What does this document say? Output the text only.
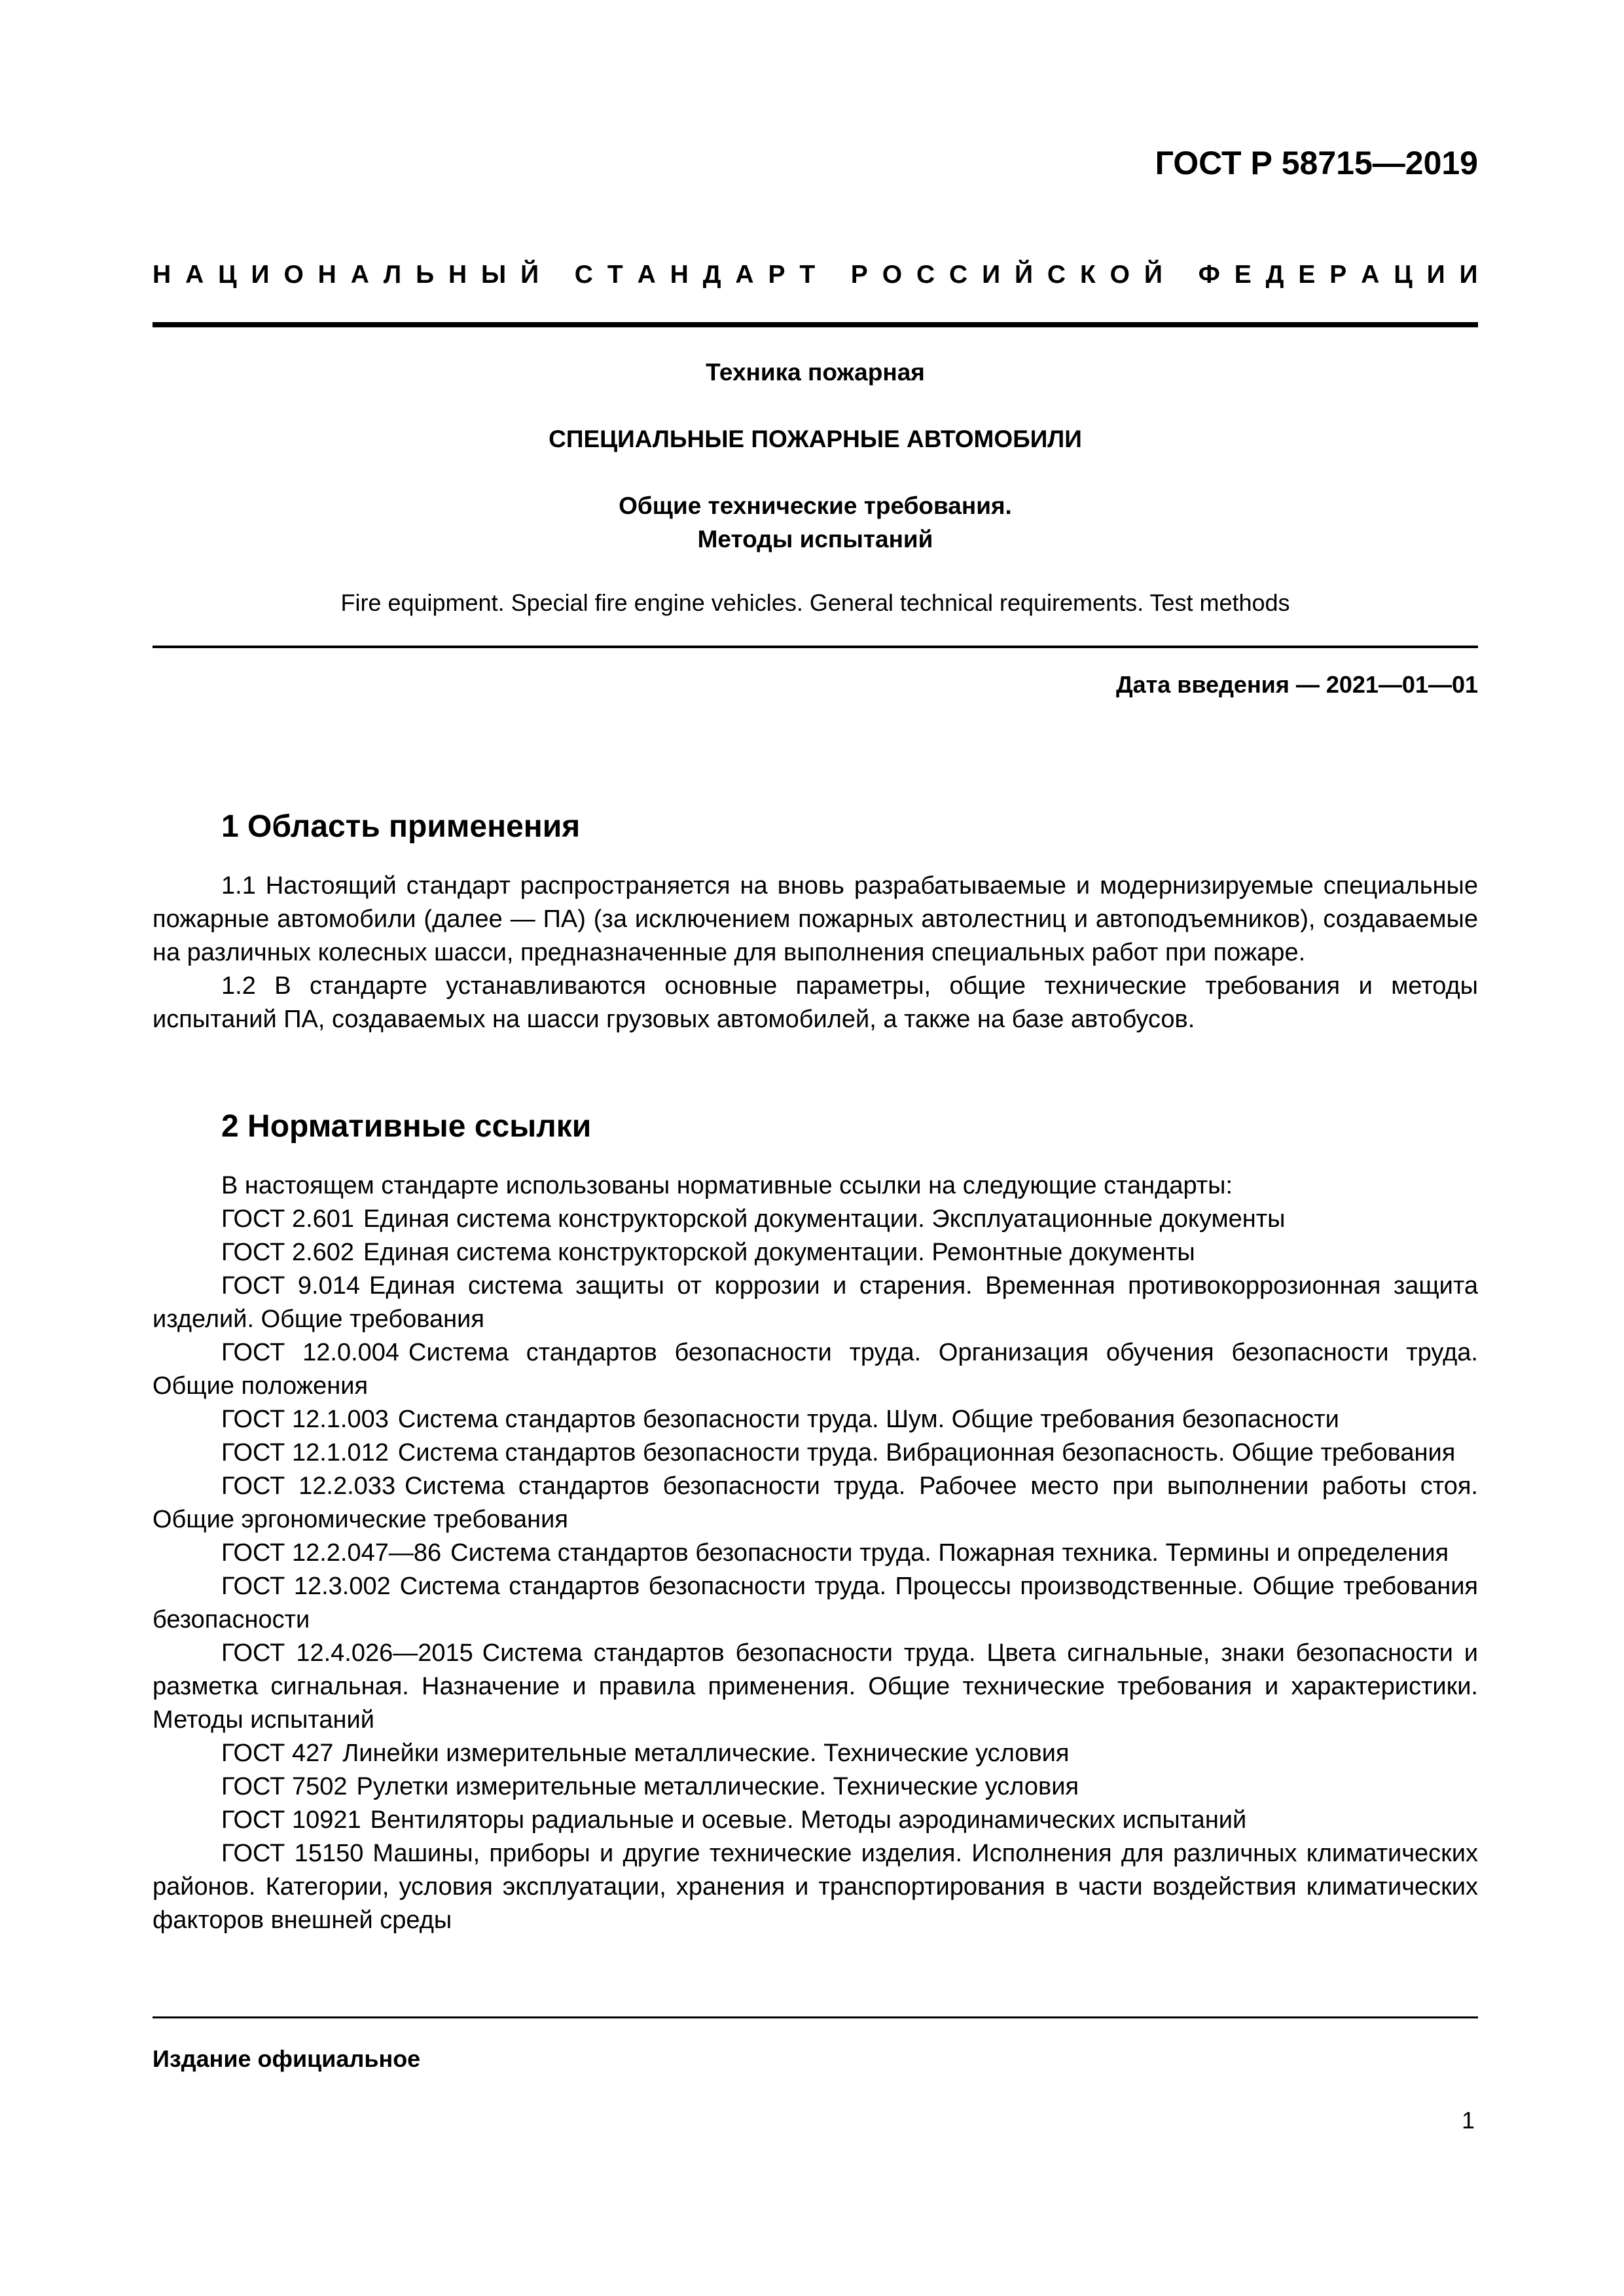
ГОСТ Р 58715—2019
Н А Ц И О Н А Л Ь Н Ы Й
С Т А Н Д А Р Т
Р О С С И Й С К О Й
Ф Е Д Е Р А Ц И И
Техника пожарная
СПЕЦИАЛЬНЫЕ ПОЖАРНЫЕ АВТОМОБИЛИ
Общие технические требования.
Методы испытаний
Fire equipment. Special fire engine vehicles. General technical requirements. Test methods
Дата введения — 2021—01—01
1 Область применения

1.1 Настоящий стандарт распространяется на вновь разрабатываемые и модернизируемые специальные пожарные автомобили (далее — ПА) (за исключением пожарных автолестниц и автоподъемников), создаваемые на различных колесных шасси, предназначенные для выполнения специальных работ при пожаре.

1.2 В стандарте устанавливаются основные параметры, общие технические требования и методы испытаний ПА, создаваемых на шасси грузовых автомобилей, а также на базе автобусов.

2 Нормативные ссылки

В настоящем стандарте использованы нормативные ссылки на следующие стандарты:

ГОСТ 2.601 Единая система конструкторской документации. Эксплуатационные документы

ГОСТ 2.602 Единая система конструкторской документации. Ремонтные документы

ГОСТ 9.014 Единая система защиты от коррозии и старения. Временная противокоррозионная защита изделий. Общие требования

ГОСТ 12.0.004 Система стандартов безопасности труда. Организация обучения безопасности труда. Общие положения

ГОСТ 12.1.003 Система стандартов безопасности труда. Шум. Общие требования безопасности

ГОСТ 12.1.012 Система стандартов безопасности труда. Вибрационная безопасность. Общие требования

ГОСТ 12.2.033 Система стандартов безопасности труда. Рабочее место при выполнении работы стоя. Общие эргономические требования

ГОСТ 12.2.047—86 Система стандартов безопасности труда. Пожарная техника. Термины и определения

ГОСТ 12.3.002 Система стандартов безопасности труда. Процессы производственные. Общие требования безопасности

ГОСТ 12.4.026—2015 Система стандартов безопасности труда. Цвета сигнальные, знаки безопасности и разметка сигнальная. Назначение и правила применения. Общие технические требования и характеристики. Методы испытаний

ГОСТ 427 Линейки измерительные металлические. Технические условия

ГОСТ 7502 Рулетки измерительные металлические. Технические условия

ГОСТ 10921 Вентиляторы радиальные и осевые. Методы аэродинамических испытаний

ГОСТ 15150 Машины, приборы и другие технические изделия. Исполнения для различных климатических районов. Категории, условия эксплуатации, хранения и транспортирования в части воздействия климатических факторов внешней среды

Издание официальное
1
